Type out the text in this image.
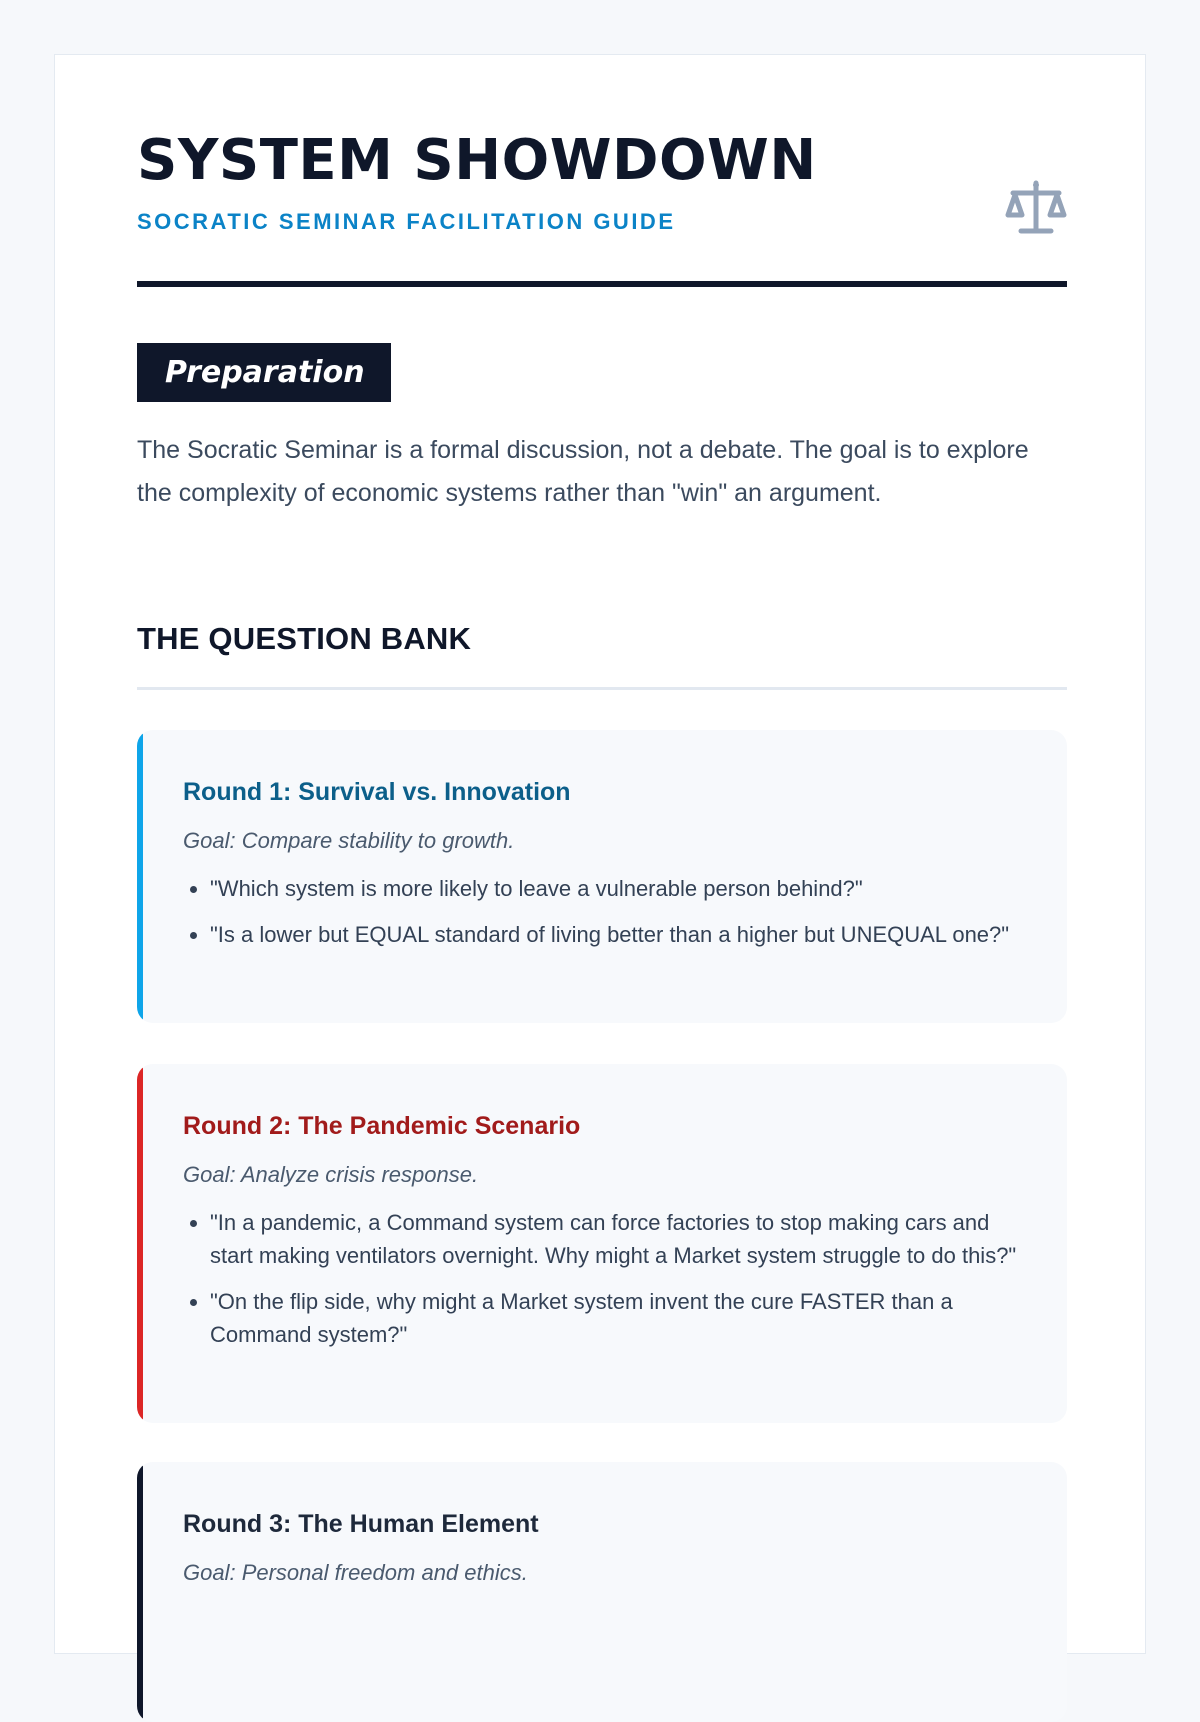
SYSTEM SHOWDOWN
SOCRATIC SEMINAR FACILITATION GUIDE
Preparation
The Socratic Seminar is a formal discussion, not a debate. The goal is to explore the complexity of economic systems rather than "win" an argument.
THE QUESTION BANK
Round 1: Survival vs. Innovation
Goal: Compare stability to growth.
• "Which system is more likely to leave a vulnerable person behind?"
• "Is a lower but EQUAL standard of living better than a higher but UNEQUAL one?"
Round 2: The Pandemic Scenario
Goal: Analyze crisis response.
• "In a pandemic, a Command system can force factories to stop making cars and start making ventilators overnight. Why might a Market system struggle to do this?"
• "On the flip side, why might a Market system invent the cure FASTER than a Command system?"
Round 3: The Human Element
Goal: Personal freedom and ethics.
